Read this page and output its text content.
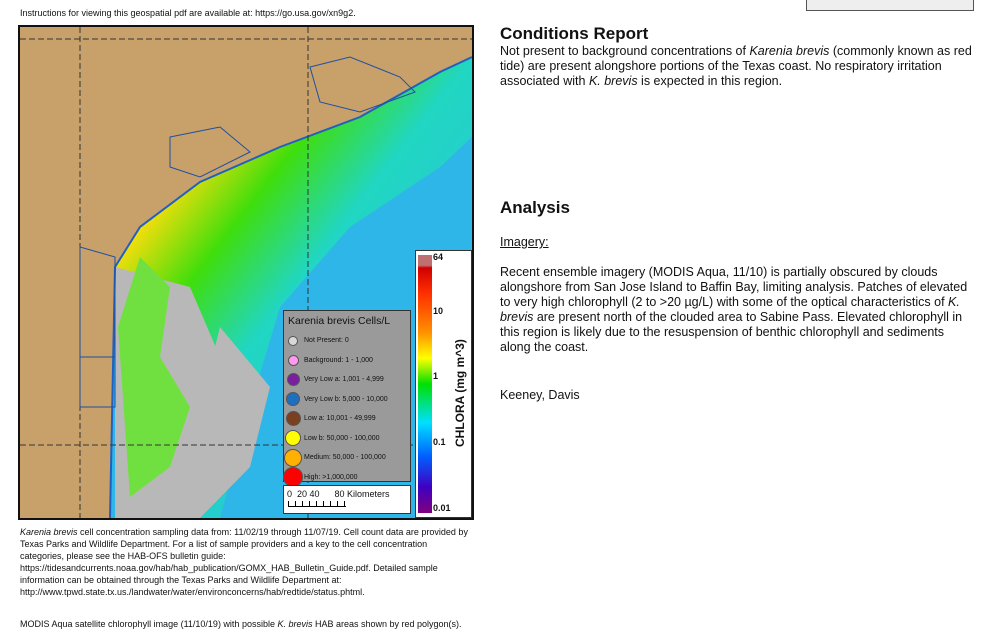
Instructions for viewing this geospatial pdf are available at: https://go.usa.gov/xn9g2.
Karenia brevis Cells/L
Not Present: 0
Background: 1 - 1,000
Very Low a: 1,001 - 4,999
Very Low b: 5,000 - 10,000
Low a: 10,001 - 49,999
Low b: 50,000 - 100,000
Medium: 50,000 - 100,000
High: >1,000,000
0  20 40      80 Kilometers
64
10
1
0.1
0.01
CHLORA (mg m^3)
Karenia brevis cell concentration sampling data from: 11/02/19 through 11/07/19. Cell count data are provided by Texas Parks and Wildlife Department. For a list of sample providers and a key to the cell concentration categories, please see the HAB-OFS bulletin guide: https://tidesandcurrents.noaa.gov/hab/hab_publication/GOMX_HAB_Bulletin_Guide.pdf. Detailed sample information can be obtained through the Texas Parks and Wildlife Department at: http://www.tpwd.state.tx.us./landwater/water/environconcerns/hab/redtide/status.phtml.
MODIS Aqua satellite chlorophyll image (11/10/19) with possible K. brevis HAB areas shown by red polygon(s).
Conditions Report

Not present to background concentrations of Karenia brevis (commonly known as red tide) are present alongshore portions of the Texas coast. No respiratory irritation associated with K. brevis is expected in this region.

Analysis

Imagery:

Recent ensemble imagery (MODIS Aqua, 11/10) is partially obscured by clouds alongshore from San Jose Island to Baffin Bay, limiting analysis. Patches of elevated to very high chlorophyll (2 to >20 µg/L) with some of the optical characteristics of K. brevis are present north of the clouded area to Sabine Pass. Elevated chlorophyll in this region is likely due to the resuspension of benthic chlorophyll and sediments along the coast.

Keeney, Davis
